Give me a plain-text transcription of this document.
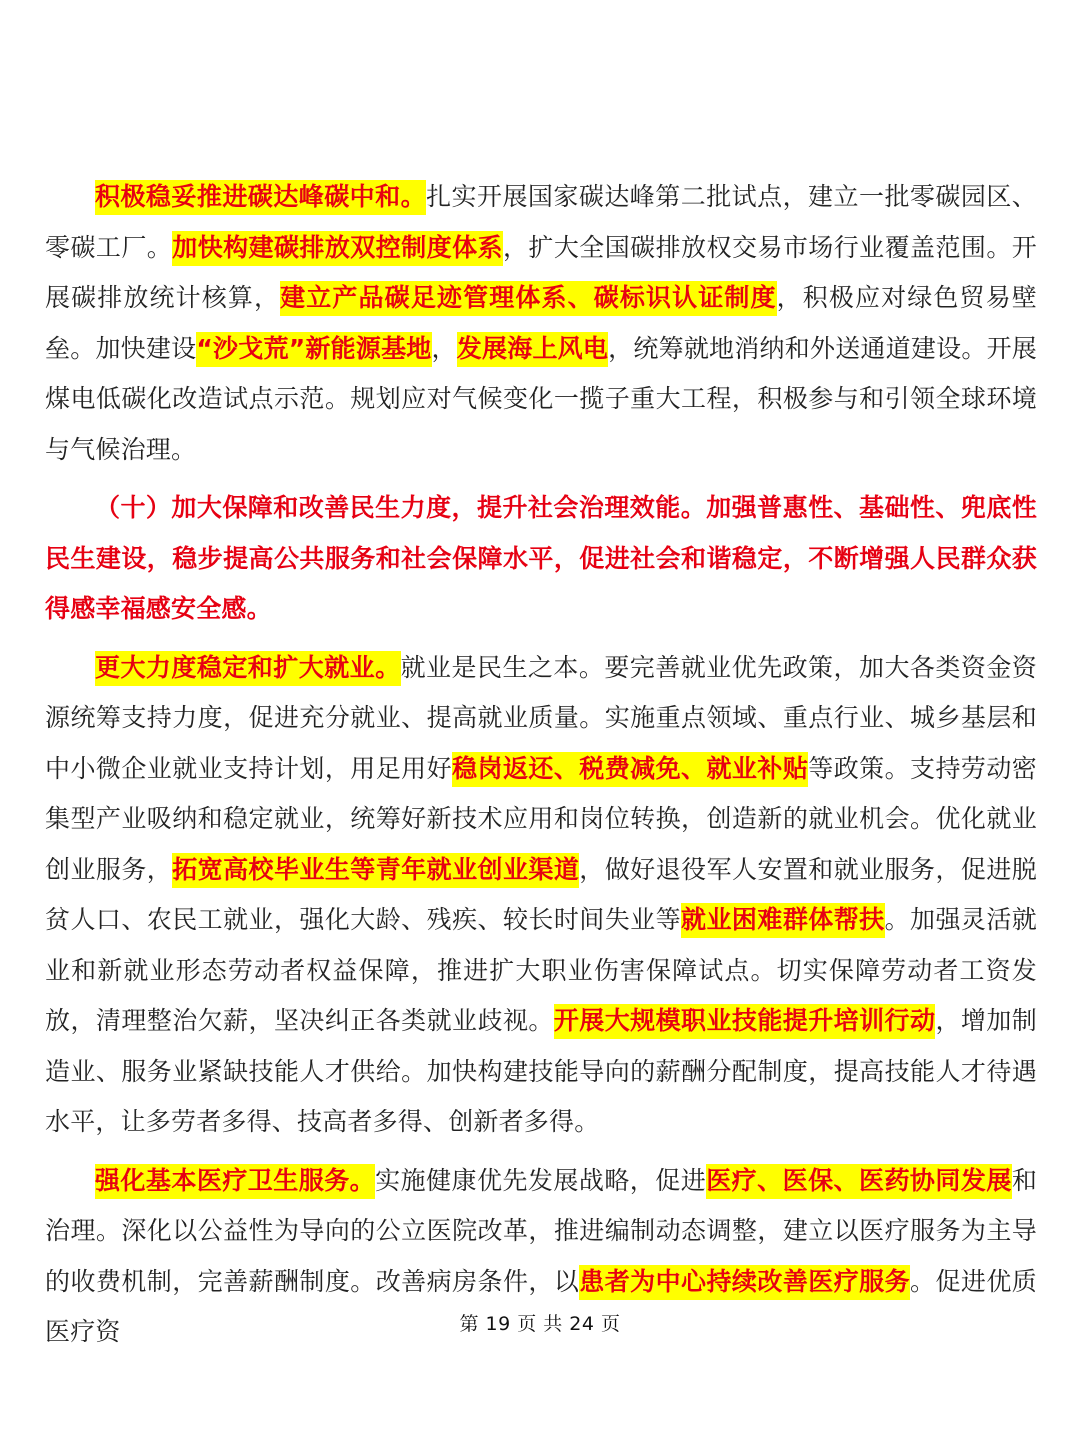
积极稳妥推进碳达峰碳中和。扎实开展国家碳达峰第二批试点，建立一批零碳园区、零碳工厂。加快构建碳排放双控制度体系，扩大全国碳排放权交易市场行业覆盖范围。开展碳排放统计核算，建立产品碳足迹管理体系、碳标识认证制度，积极应对绿色贸易壁垒。加快建设“沙戈荒”新能源基地，发展海上风电，统筹就地消纳和外送通道建设。开展煤电低碳化改造试点示范。规划应对气候变化一揽子重大工程，积极参与和引领全球环境与气候治理。

（十）加大保障和改善民生力度，提升社会治理效能。加强普惠性、基础性、兜底性民生建设，稳步提高公共服务和社会保障水平，促进社会和谐稳定，不断增强人民群众获得感幸福感安全感。

更大力度稳定和扩大就业。就业是民生之本。要完善就业优先政策，加大各类资金资源统筹支持力度，促进充分就业、提高就业质量。实施重点领域、重点行业、城乡基层和中小微企业就业支持计划，用足用好稳岗返还、税费减免、就业补贴等政策。支持劳动密集型产业吸纳和稳定就业，统筹好新技术应用和岗位转换，创造新的就业机会。优化就业创业服务，拓宽高校毕业生等青年就业创业渠道，做好退役军人安置和就业服务，促进脱贫人口、农民工就业，强化大龄、残疾、较长时间失业等就业困难群体帮扶。加强灵活就业和新就业形态劳动者权益保障，推进扩大职业伤害保障试点。切实保障劳动者工资发放，清理整治欠薪，坚决纠正各类就业歧视。开展大规模职业技能提升培训行动，增加制造业、服务业紧缺技能人才供给。加快构建技能导向的薪酬分配制度，提高技能人才待遇水平，让多劳者多得、技高者多得、创新者多得。

强化基本医疗卫生服务。实施健康优先发展战略，促进医疗、医保、医药协同发展和治理。深化以公益性为导向的公立医院改革，推进编制动态调整，建立以医疗服务为主导的收费机制，完善薪酬制度。改善病房条件，以患者为中心持续改善医疗服务。促进优质医疗资	第 19 页 共 24 页
